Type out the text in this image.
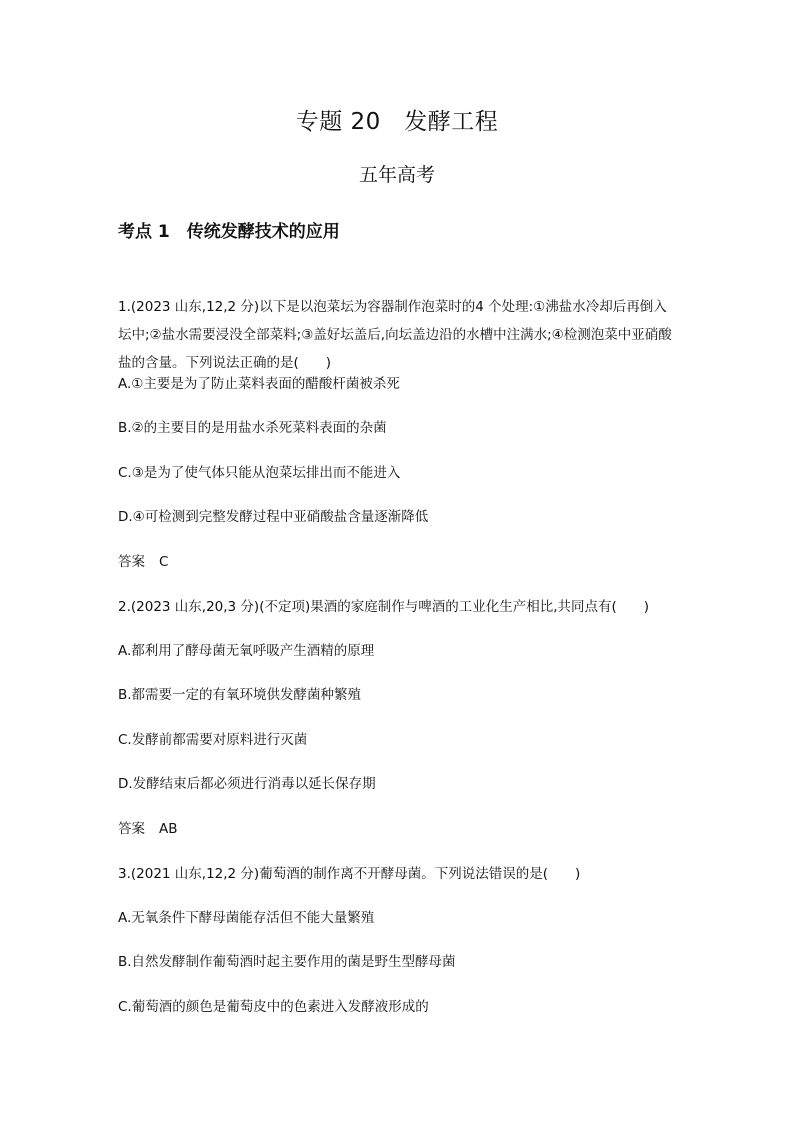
专题 20　发酵工程
五年高考
考点 1　传统发酵技术的应用
1.(2023 山东,12,2 分)以下是以泡菜坛为容器制作泡菜时的4 个处理:①沸盐水冷却后再倒入坛中;②盐水需要浸没全部菜料;③盖好坛盖后,向坛盖边沿的水槽中注满水;④检测泡菜中亚硝酸盐的含量。下列说法正确的是(　　)
A.①主要是为了防止菜料表面的醋酸杆菌被杀死
B.②的主要目的是用盐水杀死菜料表面的杂菌
C.③是为了使气体只能从泡菜坛排出而不能进入
D.④可检测到完整发酵过程中亚硝酸盐含量逐渐降低
答案 C
2.(2023 山东,20,3 分)(不定项)果酒的家庭制作与啤酒的工业化生产相比,共同点有(　　)
A.都利用了酵母菌无氧呼吸产生酒精的原理
B.都需要一定的有氧环境供发酵菌种繁殖
C.发酵前都需要对原料进行灭菌
D.发酵结束后都必须进行消毒以延长保存期
答案 AB
3.(2021 山东,12,2 分)葡萄酒的制作离不开酵母菌。下列说法错误的是(　　)
A.无氧条件下酵母菌能存活但不能大量繁殖
B.自然发酵制作葡萄酒时起主要作用的菌是野生型酵母菌
C.葡萄酒的颜色是葡萄皮中的色素进入发酵液形成的
